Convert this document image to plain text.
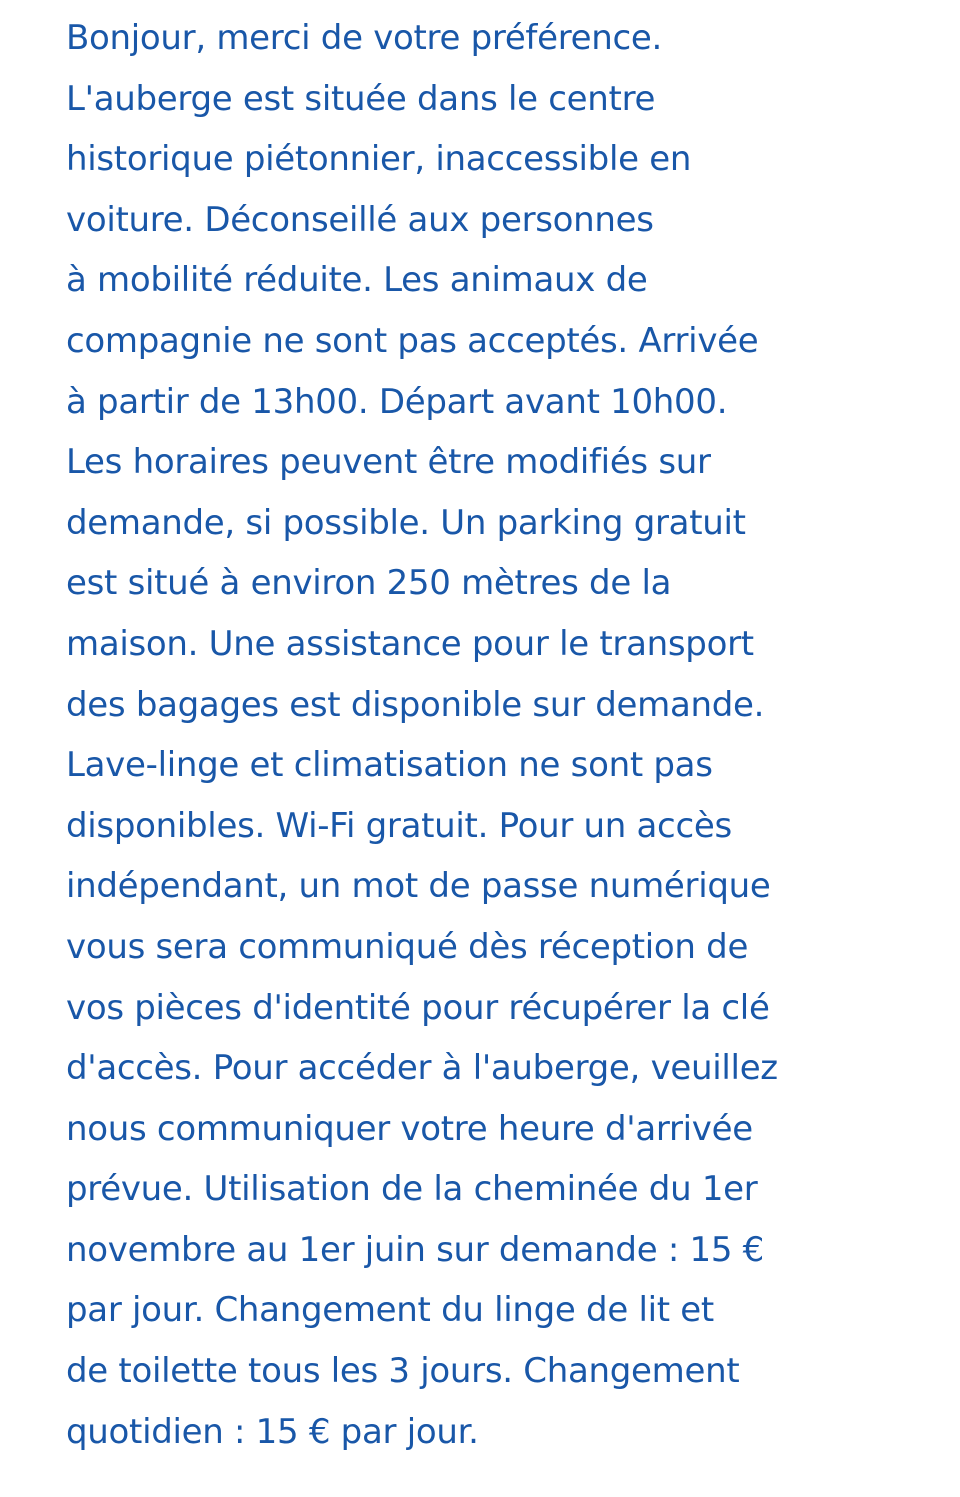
Bonjour, merci de votre préférence.
L'auberge est située dans le centre
historique piétonnier, inaccessible en
voiture. Déconseillé aux personnes
à mobilité réduite. Les animaux de
compagnie ne sont pas acceptés. Arrivée
à partir de 13h00. Départ avant 10h00.
Les horaires peuvent être modifiés sur
demande, si possible. Un parking gratuit
est situé à environ 250 mètres de la
maison. Une assistance pour le transport
des bagages est disponible sur demande.
Lave-linge et climatisation ne sont pas
disponibles. Wi-Fi gratuit. Pour un accès
indépendant, un mot de passe numérique
vous sera communiqué dès réception de
vos pièces d'identité pour récupérer la clé
d'accès. Pour accéder à l'auberge, veuillez
nous communiquer votre heure d'arrivée
prévue. Utilisation de la cheminée du 1er
novembre au 1er juin sur demande : 15 €
par jour. Changement du linge de lit et
de toilette tous les 3 jours. Changement
quotidien : 15 € par jour.
